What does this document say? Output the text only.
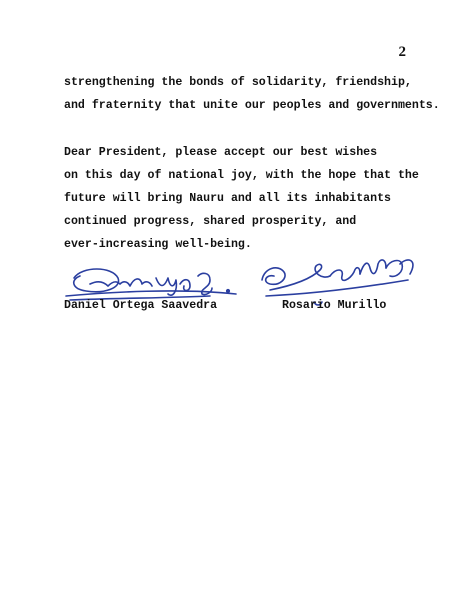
2

strengthening the bonds of solidarity, friendship,
and fraternity that unite our peoples and governments.

Dear President, please accept our best wishes
on this day of national joy, with the hope that the
future will bring Nauru and all its inhabitants
continued progress, shared prosperity, and
ever-increasing well-being.

Daniel Ortega Saavedra	Rosario Murillo
